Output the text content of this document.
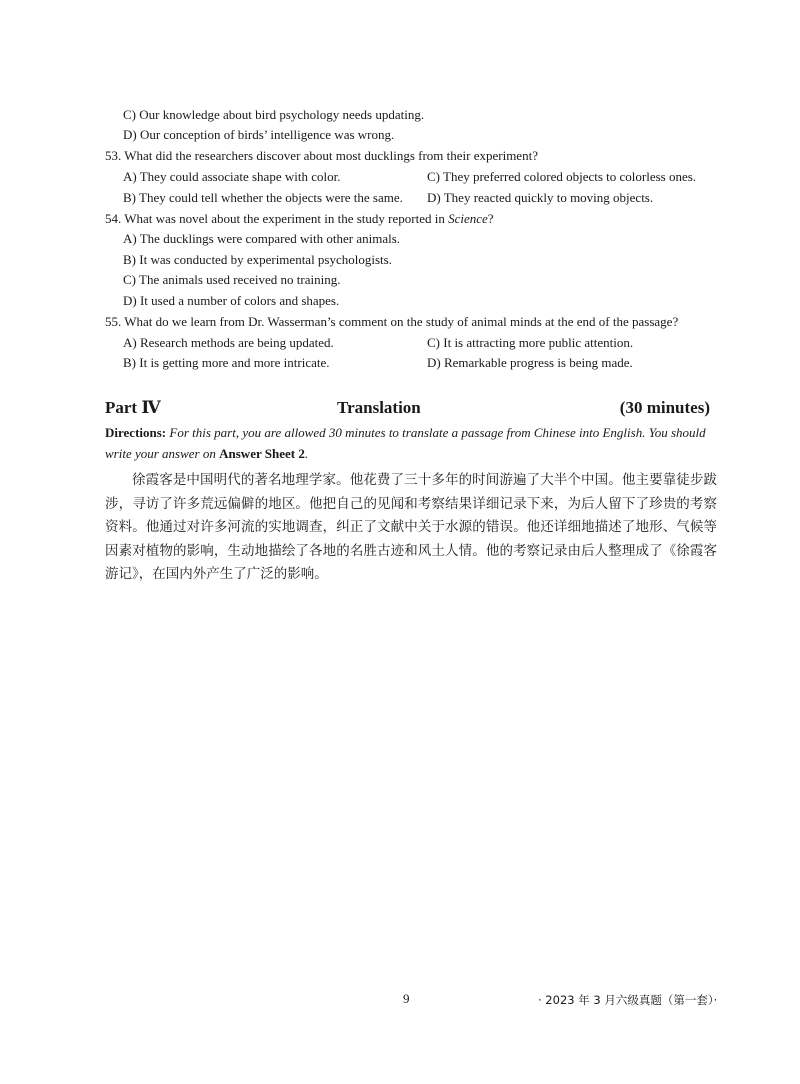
C) Our knowledge about bird psychology needs updating.
D) Our conception of birds’ intelligence was wrong.
53. What did the researchers discover about most ducklings from their experiment?
A) They could associate shape with color.	C) They preferred colored objects to colorless ones.
B) They could tell whether the objects were the same. D) They reacted quickly to moving objects.
54. What was novel about the experiment in the study reported in Science?
A) The ducklings were compared with other animals.
B) It was conducted by experimental psychologists.
C) The animals used received no training.
D) It used a number of colors and shapes.
55. What do we learn from Dr. Wasserman’s comment on the study of animal minds at the end of the passage?
A) Research methods are being updated.	C) It is attracting more public attention.
B) It is getting more and more intricate.	D) Remarkable progress is being made.
Part Ⅳ	Translation	(30 minutes)
Directions: For this part, you are allowed 30 minutes to translate a passage from Chinese into English. You should write your answer on Answer Sheet 2.
徐霞客是中国明代的著名地理学家。他花费了三十多年的时间游遍了大半个中国。他主要靠徒步跋涉，寻访了许多荒远偏僻的地区。他把自己的见闻和考察结果详细记录下来，为后人留下了珍贵的考察资料。他通过对许多河流的实地调查，纠正了文献中关于水源的错误。他还详细地描述了地形、气候等因素对植物的影响，生动地描绘了各地的名胜古迹和风土人情。他的考察记录由后人整理成了《徐霞客游记》，在国内外产生了广泛的影响。
9	· 2023 年 3 月六级真题（第一套）·
